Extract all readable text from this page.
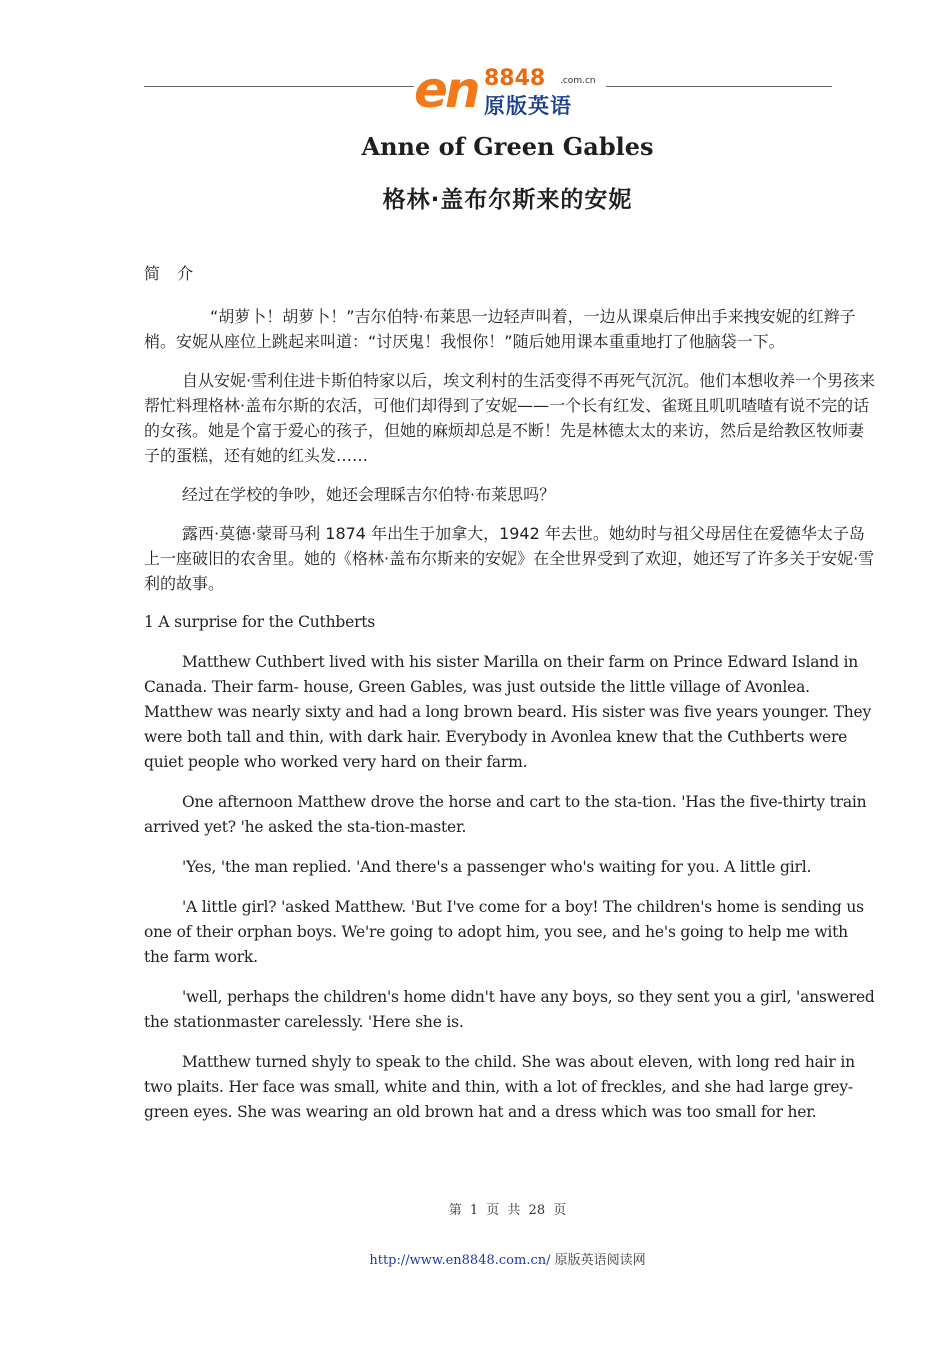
en 8848 .com.cn
原版英语
Anne of Green Gables
格林·盖布尔斯来的安妮

简 介

“胡萝卜！胡萝卜！”吉尔伯特·布莱思一边轻声叫着，一边从课桌后伸出手来拽安妮的红辫子梢。安妮从座位上跳起来叫道：“讨厌鬼！我恨你！”随后她用课本重重地打了他脑袋一下。

自从安妮·雪利住进卡斯伯特家以后，埃文利村的生活变得不再死气沉沉。他们本想收养一个男孩来帮忙料理格林·盖布尔斯的农活，可他们却得到了安妮——一个长有红发、雀斑且叽叽喳喳有说不完的话的女孩。她是个富于爱心的孩子，但她的麻烦却总是不断！先是林德太太的来访，然后是给教区牧师妻子的蛋糕，还有她的红头发……

经过在学校的争吵，她还会理睬吉尔伯特·布莱思吗？

露西·莫德·蒙哥马利 1874 年出生于加拿大，1942 年去世。她幼时与祖父母居住在爱德华太子岛上一座破旧的农舍里。她的《格林·盖布尔斯来的安妮》在全世界受到了欢迎，她还写了许多关于安妮·雪利的故事。

1 A surprise for the Cuthberts

Matthew Cuthbert lived with his sister Marilla on their farm on Prince Edward Island in Canada. Their farm- house, Green Gables, was just outside the little village of Avonlea. Matthew was nearly sixty and had a long brown beard. His sister was five years younger. They were both tall and thin, with dark hair. Everybody in Avonlea knew that the Cuthberts were quiet people who worked very hard on their farm.

One afternoon Matthew drove the horse and cart to the sta-tion. 'Has the five-thirty train arrived yet? 'he asked the sta-tion-master.

'Yes, 'the man replied. 'And there's a passenger who's waiting for you. A little girl.

'A little girl? 'asked Matthew. 'But I've come for a boy! The children's home is sending us one of their orphan boys. We're going to adopt him, you see, and he's going to help me with the farm work.

'well, perhaps the children's home didn't have any boys, so they sent you a girl, 'answered the stationmaster carelessly. 'Here she is.

Matthew turned shyly to speak to the child. She was about eleven, with long red hair in two plaits. Her face was small, white and thin, with a lot of freckles, and she had large grey-green eyes. She was wearing an old brown hat and a dress which was too small for her.

第 1 页 共 28 页
http://www.en8848.com.cn/ 原版英语阅读网
